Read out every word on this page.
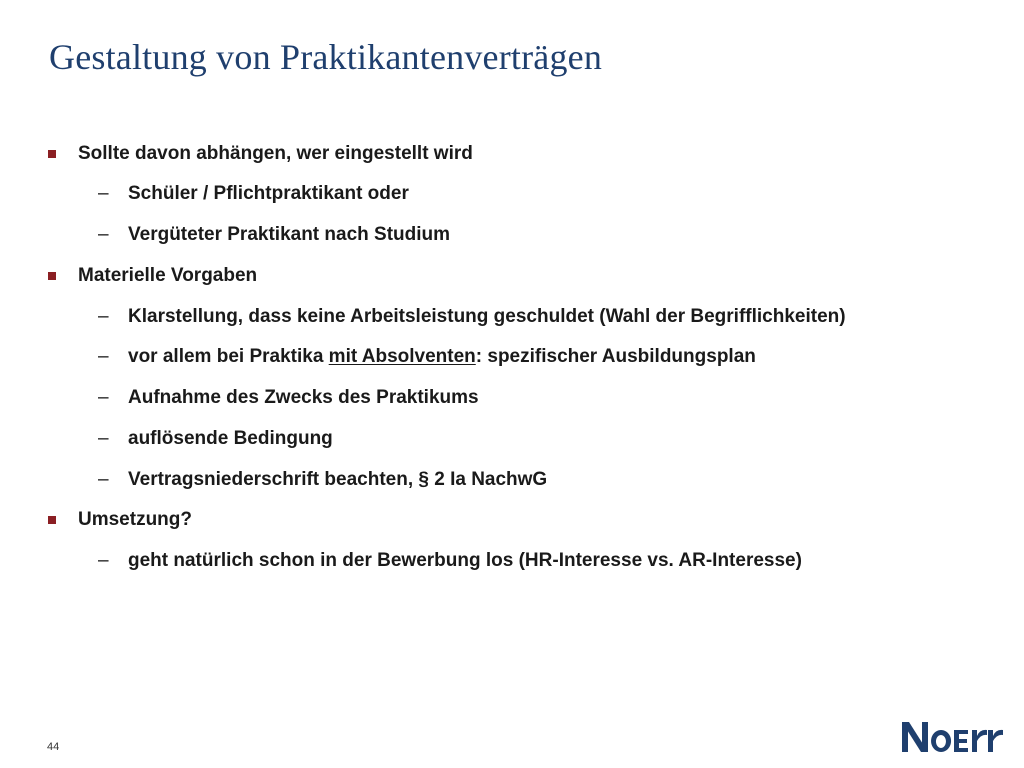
Gestaltung von Praktikantenverträgen
Sollte davon abhängen, wer eingestellt wird
– Schüler / Pflichtpraktikant oder
– Vergüteter Praktikant nach Studium
Materielle Vorgaben
– Klarstellung, dass keine Arbeitsleistung geschuldet (Wahl der Begrifflichkeiten)
– vor allem bei Praktika mit Absolventen: spezifischer Ausbildungsplan
– Aufnahme des Zwecks des Praktikums
– auflösende Bedingung
– Vertragsniederschrift beachten, § 2 Ia NachwG
Umsetzung?
– geht natürlich schon in der Bewerbung los (HR-Interesse vs. AR-Interesse)
44
